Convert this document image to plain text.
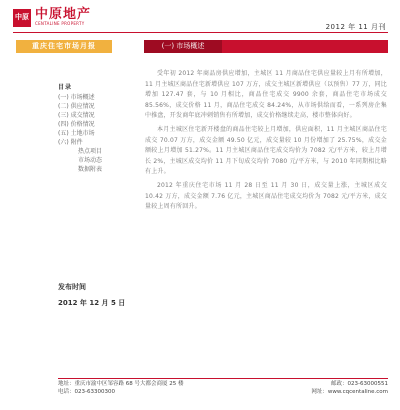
中原 中原地产
CENTALINE PROPERTY	2012 年 11 月刊
重庆住宅市场月报	(一) 市场概述
目录
(一) 市场概述
(二) 供应情况
(三) 成交情况
(四) 价格情况
(五) 土地市场
(六) 附件
热点项目
市场动态
数据附表
发布时间
2012 年 12 月 5 日

受年初 2012 年商品房供应增加，主城区 11 月商品住宅供应量较上月有所增加，11 月主城区商品住宅新增供应 107 万方，成交主城区新增供应（以预售）77 万，同比增加 127.47 套，与 10 月相比，商品住宅成交 9900 余套，商品住宅市场成交 85.56%，成交价格 11 月，商品住宅成交 84.24%，从市场供给而看，一系列房企集中推盘，开发商年底冲刺销售有所增加，成交价格继续走高，楼市整体向好。

本月主城区住宅新开楼盘的商品住宅较上月增加，供应面积，11 月主城区商品住宅成交 70.07 万方，成交金额 49.50 亿元，成交量较 10 月份增加了 25.75%，成交金额较上月增加 51.27%。11 月主城区商品住宅成交均价为 7082 元/平方米，较上月增长 2%，主城区成交均价 11 月下旬成交均价 7080 元/平方米，与 2010 年同期相比略有上升。

2012 年重庆住宅市场 11 月 28 日至 11 月 30 日，成交量上涨，主城区成交 10.42 万方，成交金额 7.76 亿元，主城区商品住宅成交均价为 7082 元/平方米，成交量较上周有所回升。

地址：重庆市渝中区邹容路 68 号大都会商厦 25 楼	邮政：023-63000551
电话：023-63300300	网址：www.cqcentaline.com
